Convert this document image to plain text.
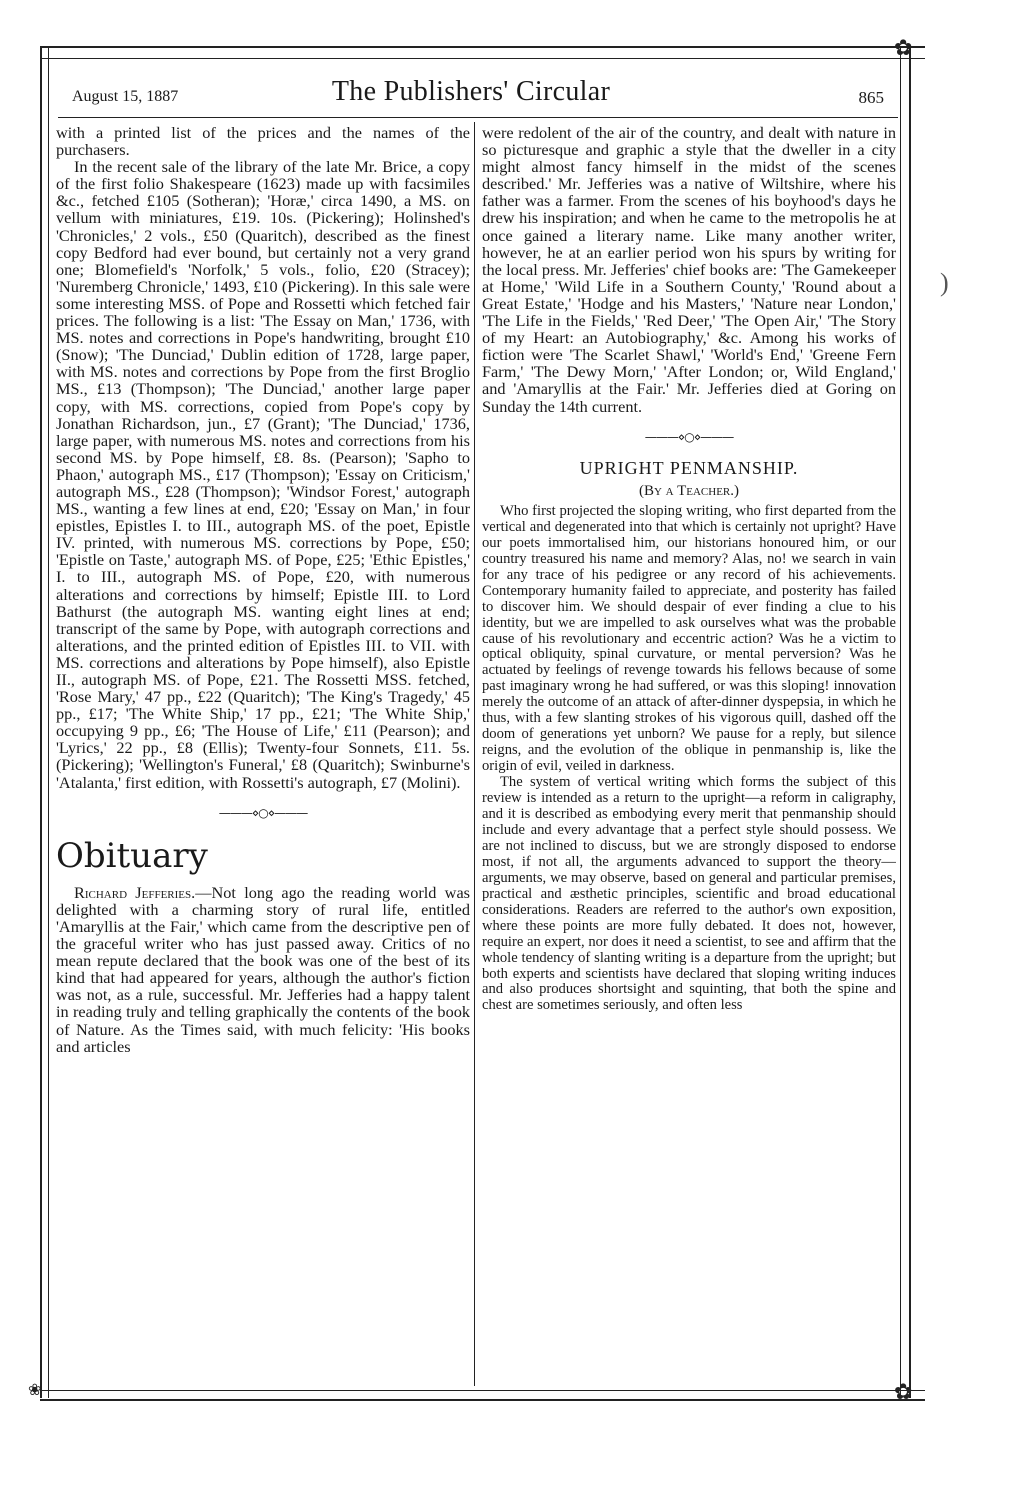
✿
✿
❀
August 15, 1887	The Publishers' Circular	865

with a printed list of the prices and the names of the purchasers.

In the recent sale of the library of the late Mr. Brice, a copy of the first folio Shakespeare (1623) made up with facsimiles &c., fetched £105 (Sotheran); 'Horæ,' circa 1490, a MS. on vellum with miniatures, £19. 10s. (Pickering); Holinshed's 'Chronicles,' 2 vols., £50 (Quaritch), described as the finest copy Bedford had ever bound, but certainly not a very grand one; Blomefield's 'Norfolk,' 5 vols., folio, £20 (Stracey); 'Nuremberg Chronicle,' 1493, £10 (Pickering). In this sale were some interesting MSS. of Pope and Rossetti which fetched fair prices. The following is a list: 'The Essay on Man,' 1736, with MS. notes and corrections in Pope's handwriting, brought £10 (Snow); 'The Dunciad,' Dublin edition of 1728, large paper, with MS. notes and corrections by Pope from the first Broglio MS., £13 (Thompson); 'The Dunciad,' another large paper copy, with MS. corrections, copied from Pope's copy by Jonathan Richardson, jun., £7 (Grant); 'The Dunciad,' 1736, large paper, with numerous MS. notes and corrections from his second MS. by Pope himself, £8. 8s. (Pearson); 'Sapho to Phaon,' autograph MS., £17 (Thompson); 'Essay on Criticism,' autograph MS., £28 (Thompson); 'Windsor Forest,' autograph MS., wanting a few lines at end, £20; 'Essay on Man,' in four epistles, Epistles I. to III., autograph MS. of the poet, Epistle IV. printed, with numerous MS. corrections by Pope, £50; 'Epistle on Taste,' autograph MS. of Pope, £25; 'Ethic Epistles,' I. to III., autograph MS. of Pope, £20, with numerous alterations and corrections by himself; Epistle III. to Lord Bathurst (the autograph MS. wanting eight lines at end; transcript of the same by Pope, with autograph corrections and alterations, and the printed edition of Epistles III. to VII. with MS. corrections and alterations by Pope himself), also Epistle II., autograph MS. of Pope, £21. The Rossetti MSS. fetched, 'Rose Mary,' 47 pp., £22 (Quaritch); 'The King's Tragedy,' 45 pp., £17; 'The White Ship,' 17 pp., £21; 'The White Ship,' occupying 9 pp., £6; 'The House of Life,' £11 (Pearson); and 'Lyrics,' 22 pp., £8 (Ellis); Twenty-four Sonnets, £11. 5s. (Pickering); 'Wellington's Funeral,' £8 (Quaritch); Swinburne's 'Atalanta,' first edition, with Rossetti's autograph, £7 (Molini).

———⋄○⋄———
Obituary

Richard Jefferies.—Not long ago the reading world was delighted with a charming story of rural life, entitled 'Amaryllis at the Fair,' which came from the descriptive pen of the graceful writer who has just passed away. Critics of no mean repute declared that the book was one of the best of its kind that had appeared for years, although the author's fiction was not, as a rule, successful. Mr. Jefferies had a happy talent in reading truly and telling graphically the contents of the book of Nature. As the Times said, with much felicity: 'His books and articles

were redolent of the air of the country, and dealt with nature in so picturesque and graphic a style that the dweller in a city might almost fancy himself in the midst of the scenes described.' Mr. Jefferies was a native of Wiltshire, where his father was a farmer. From the scenes of his boyhood's days he drew his inspiration; and when he came to the metropolis he at once gained a literary name. Like many another writer, however, he at an earlier period won his spurs by writing for the local press. Mr. Jefferies' chief books are: 'The Gamekeeper at Home,' 'Wild Life in a Southern County,' 'Round about a Great Estate,' 'Hodge and his Masters,' 'Nature near London,' 'The Life in the Fields,' 'Red Deer,' 'The Open Air,' 'The Story of my Heart: an Autobiography,' &c. Among his works of fiction were 'The Scarlet Shawl,' 'World's End,' 'Greene Fern Farm,' 'The Dewy Morn,' 'After London; or, Wild England,' and 'Amaryllis at the Fair.' Mr. Jefferies died at Goring on Sunday the 14th current.

———⋄○⋄———
UPRIGHT PENMANSHIP.
(By a Teacher.)

Who first projected the sloping writing, who first departed from the vertical and degenerated into that which is certainly not upright? Have our poets immortalised him, our historians honoured him, or our country treasured his name and memory? Alas, no! we search in vain for any trace of his pedigree or any record of his achievements. Contemporary humanity failed to appreciate, and posterity has failed to discover him. We should despair of ever finding a clue to his identity, but we are impelled to ask ourselves what was the probable cause of his revolutionary and eccentric action? Was he a victim to optical obliquity, spinal curvature, or mental perversion? Was he actuated by feelings of revenge towards his fellows because of some past imaginary wrong he had suffered, or was this sloping! innovation merely the outcome of an attack of after-dinner dyspepsia, in which he thus, with a few slanting strokes of his vigorous quill, dashed off the doom of generations yet unborn? We pause for a reply, but silence reigns, and the evolution of the oblique in penmanship is, like the origin of evil, veiled in darkness.

The system of vertical writing which forms the subject of this review is intended as a return to the upright—a reform in caligraphy, and it is described as embodying every merit that penmanship should include and every advantage that a perfect style should possess. We are not inclined to discuss, but we are strongly disposed to endorse most, if not all, the arguments advanced to support the theory—arguments, we may observe, based on general and particular premises, practical and æsthetic principles, scientific and broad educational considerations. Readers are referred to the author's own exposition, where these points are more fully debated. It does not, however, require an expert, nor does it need a scientist, to see and affirm that the whole tendency of slanting writing is a departure from the upright; but both experts and scientists have declared that sloping writing induces and also produces shortsight and squinting, that both the spine and chest are sometimes seriously, and often less

)
